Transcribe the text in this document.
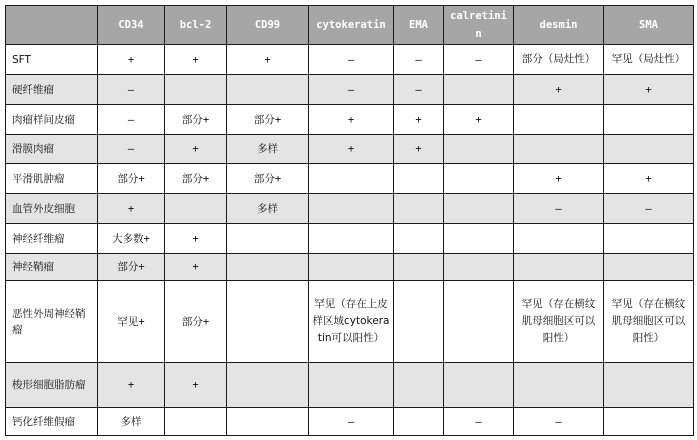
	CD34	bcl-2	CD99	cytokeratin	EMA	calretinin	desmin	SMA
SFT	+	+	+	–	–	–	部分（局灶性）	罕见（局灶性）
硬纤维瘤	–			–	–		+	+
肉瘤样间皮瘤	–	部分+	部分+	+	+	+		
滑膜肉瘤	–	+	多样	+	+			
平滑肌肿瘤	部分+	部分+	部分+				+	+
血管外皮细胞	+		多样				–	–
神经纤维瘤	大多数+	+						
神经鞘瘤	部分+	+						
恶性外周神经鞘瘤	罕见+	部分+		罕见（存在上皮样区域cytokeratin可以阳性）			罕见（存在横纹肌母细胞区可以阳性）	罕见（存在横纹肌母细胞区可以阳性）
梭形细胞脂肪瘤	+	+						
钙化纤维假瘤	多样			–		–	–	
